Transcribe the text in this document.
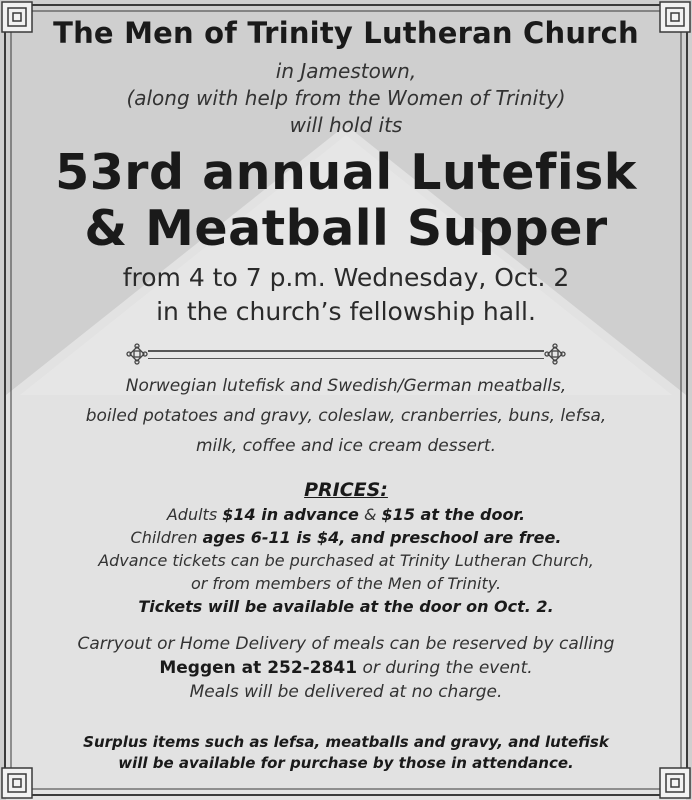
The Men of Trinity Lutheran Church
in Jamestown,
(along with help from the Women of Trinity)
will hold its
53rd annual Lutefisk
& Meatball Supper
from 4 to 7 p.m. Wednesday, Oct. 2
in the church’s fellowship hall.
Norwegian lutefisk and Swedish/German meatballs,
boiled potatoes and gravy, coleslaw, cranberries, buns, lefsa,
milk, coffee and ice cream dessert.
PRICES:
Adults $14 in advance & $15 at the door.
Children ages 6-11 is $4, and preschool are free.
Advance tickets can be purchased at Trinity Lutheran Church,
or from members of the Men of Trinity.
Tickets will be available at the door on Oct. 2.
Carryout or Home Delivery of meals can be reserved by calling
Meggen at 252-2841 or during the event.
Meals will be delivered at no charge.
Surplus items such as lefsa, meatballs and gravy, and lutefisk
will be available for purchase by those in attendance.
